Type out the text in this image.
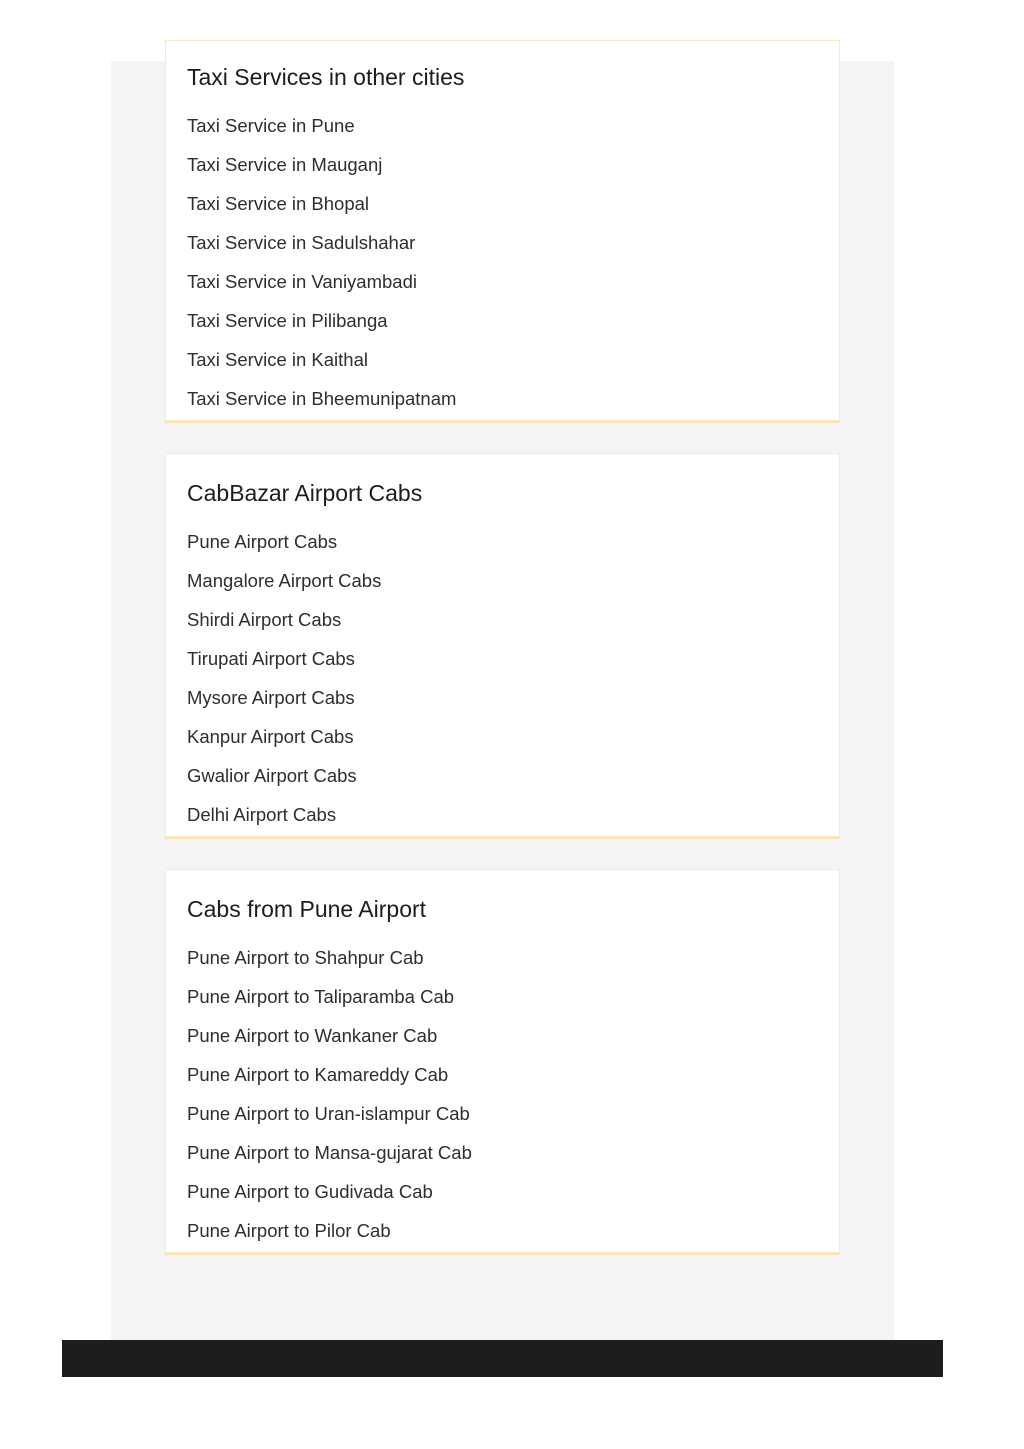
Taxi Services in other cities
Taxi Service in Pune
Taxi Service in Mauganj
Taxi Service in Bhopal
Taxi Service in Sadulshahar
Taxi Service in Vaniyambadi
Taxi Service in Pilibanga
Taxi Service in Kaithal
Taxi Service in Bheemunipatnam
CabBazar Airport Cabs
Pune Airport Cabs
Mangalore Airport Cabs
Shirdi Airport Cabs
Tirupati Airport Cabs
Mysore Airport Cabs
Kanpur Airport Cabs
Gwalior Airport Cabs
Delhi Airport Cabs
Cabs from Pune Airport
Pune Airport to Shahpur Cab
Pune Airport to Taliparamba Cab
Pune Airport to Wankaner Cab
Pune Airport to Kamareddy Cab
Pune Airport to Uran-islampur Cab
Pune Airport to Mansa-gujarat Cab
Pune Airport to Gudivada Cab
Pune Airport to Pilor Cab
